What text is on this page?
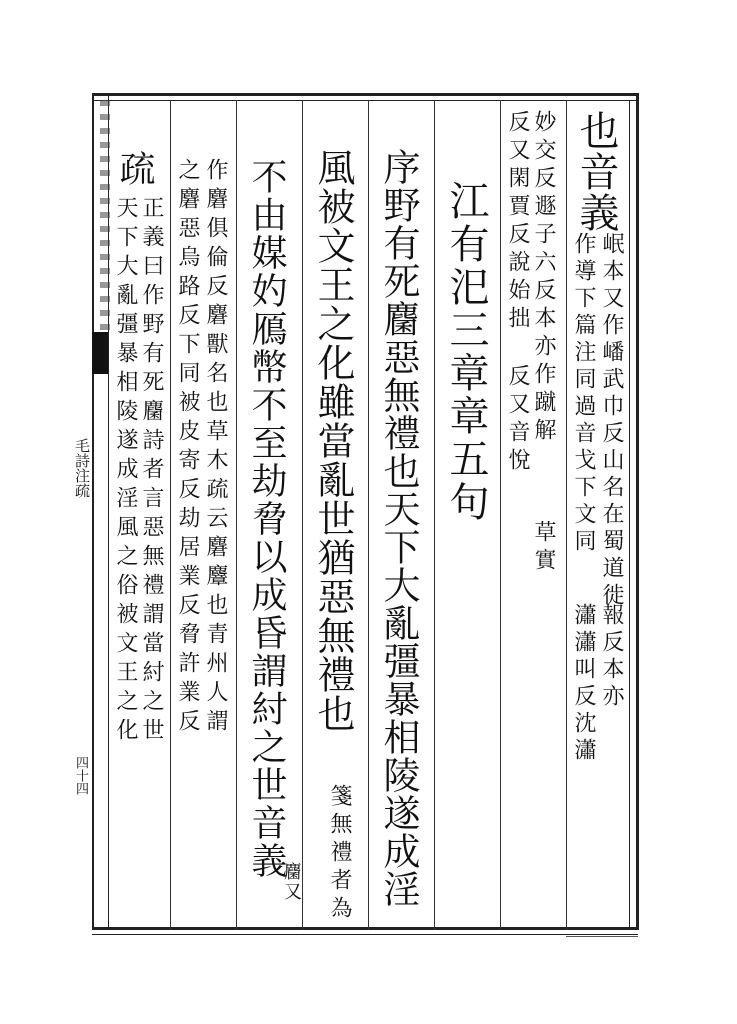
毛詩注疏
四十四
也音義
岷本又作
作導下篇
嶓武巾反山名在蜀道徙
注同過音戈下文同
報反本亦
瀟瀟叫反沈瀟
妙交反遯
子六反本亦作蹴解
草實
反又閑賈反說始拙
反又音悅
江有汜三章章五句
序野有死麕惡無禮也天下大亂彊暴相陵遂成淫
風被文王之化雖當亂世猶惡無禮也
箋無禮者為
不由媒妁鴈幣不至劫脅以成昏謂紂之世音義
麕又
作麏俱倫反麏獸名也草木疏云麏麞也青州人謂
之麏惡烏路反下同被皮寄反劫居業反脅許業反
疏
正義曰作野有死麕詩者言惡無禮謂當紂之世
天下大亂彊暴相陵遂成淫風之俗被文王之化
